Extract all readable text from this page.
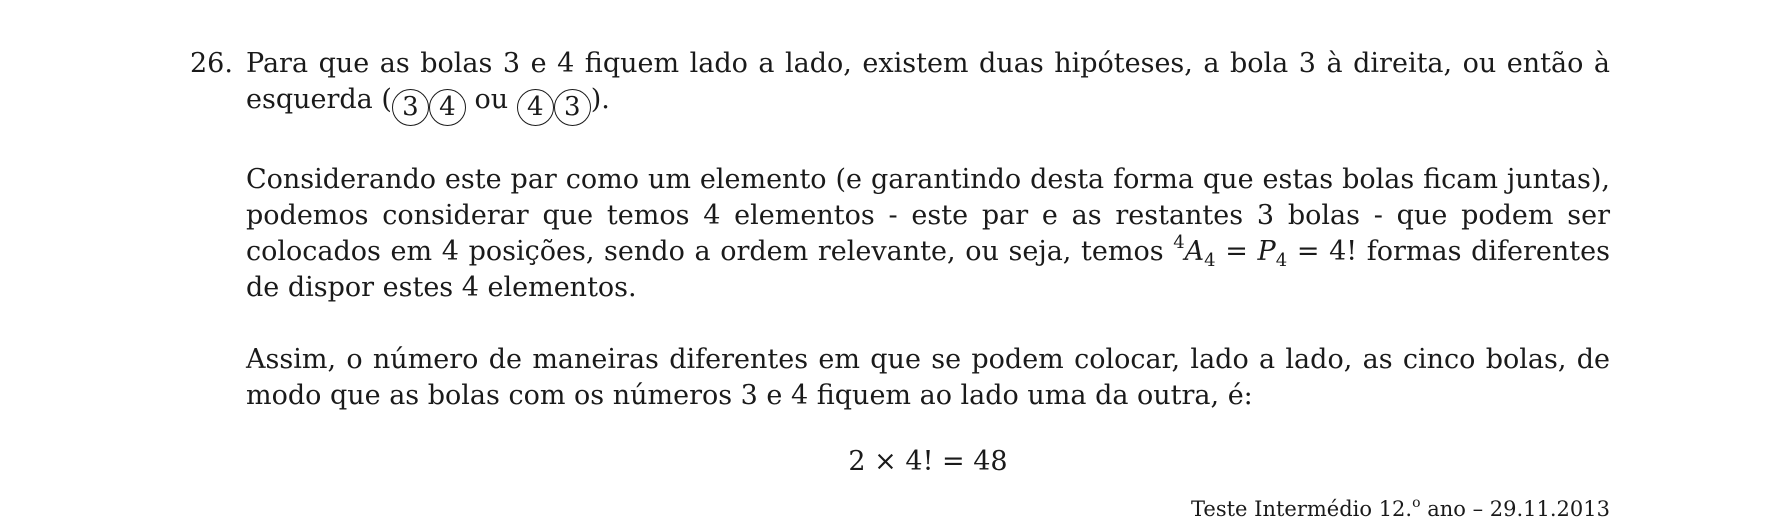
26. Para que as bolas 3 e 4 fiquem lado a lado, existem duas hipóteses, a bola 3 à direita, ou então à esquerda ( 3 4 ou 4 3 ).

Considerando este par como um elemento (e garantindo desta forma que estas bolas ficam juntas), podemos considerar que temos 4 elementos - este par e as restantes 3 bolas - que podem ser colocados em 4 posições, sendo a ordem relevante, ou seja, temos $^4A_4 = P_4 = 4$! formas diferentes de dispor estes 4 elementos.

Assim, o número de maneiras diferentes em que se podem colocar, lado a lado, as cinco bolas, de modo que as bolas com os números 3 e 4 fiquem ao lado uma da outra, é:

2 × 4! = 48
Teste Intermédio 12.$^o$ ano – 29.11.2013
